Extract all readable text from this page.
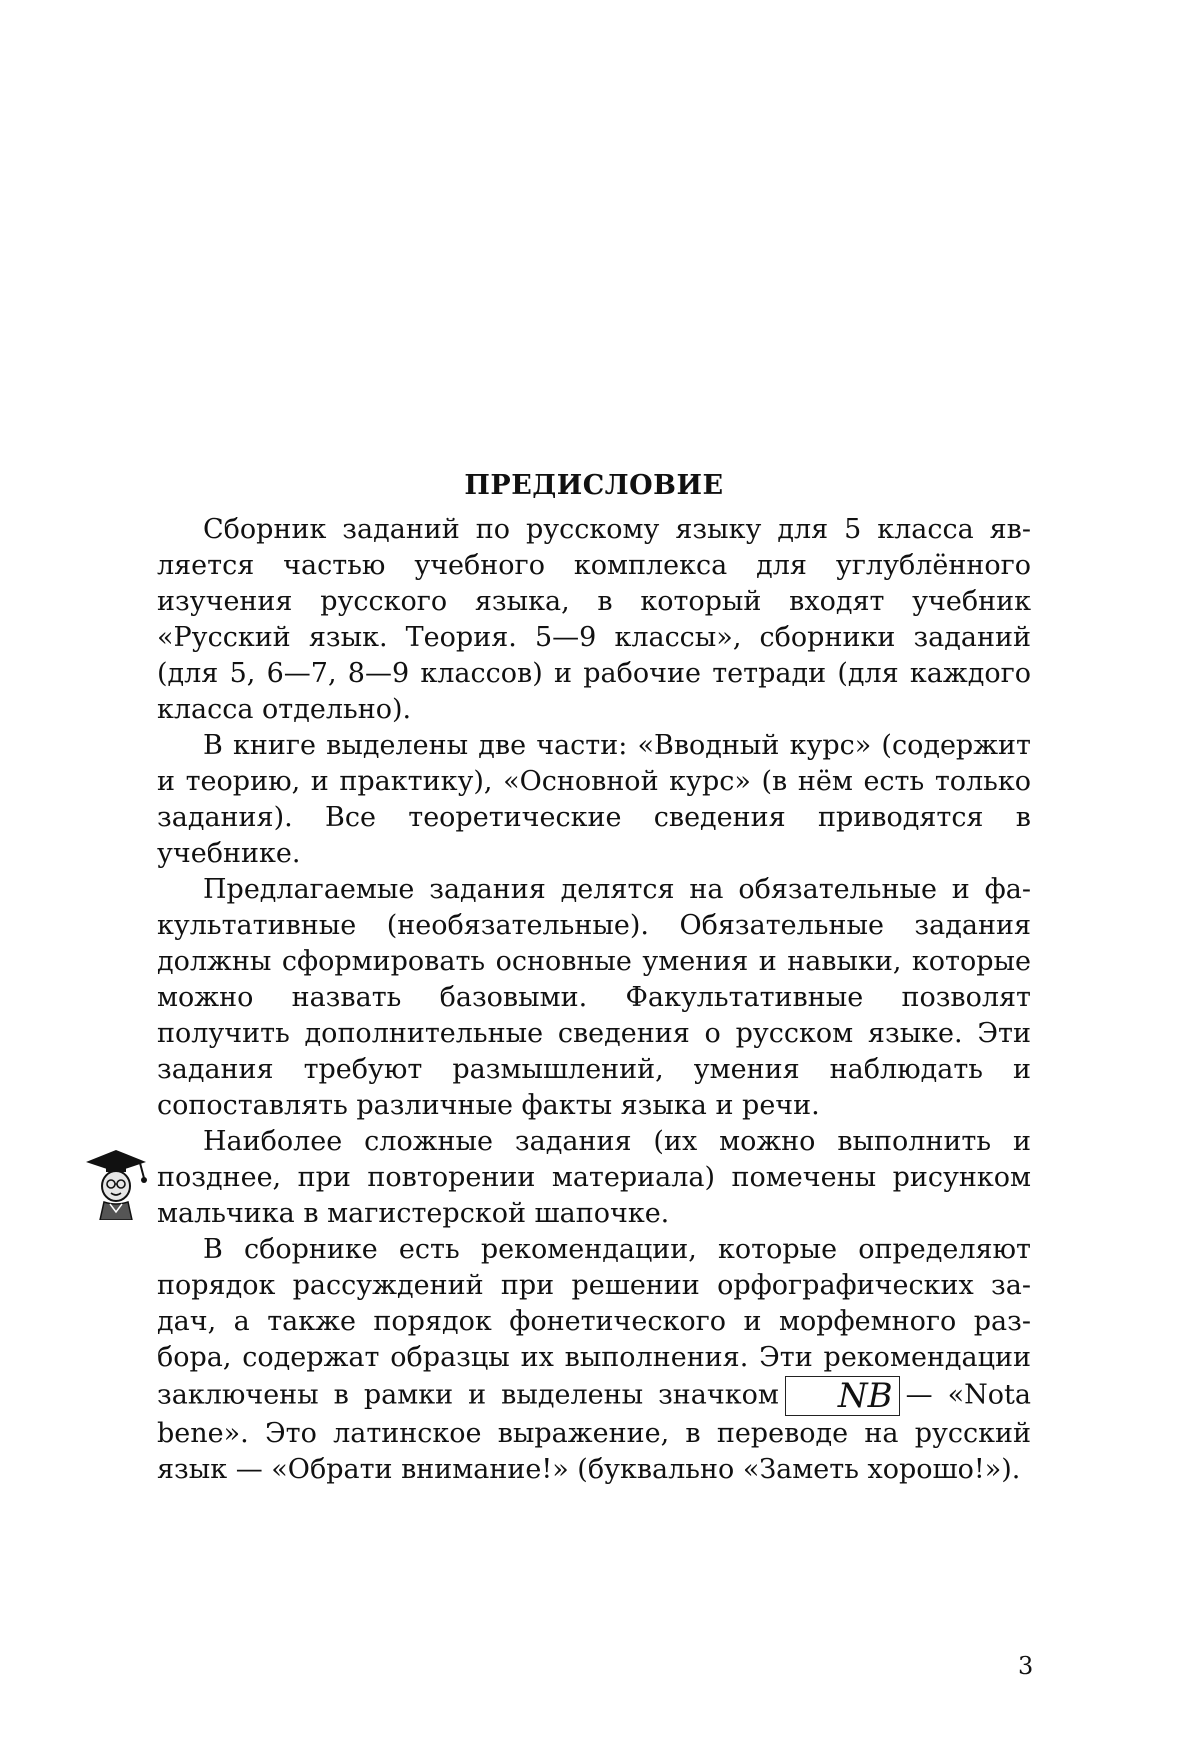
ПРЕДИСЛОВИЕ

Сборник заданий по русскому языку для 5 класса является частью учебного комплекса для углублённого изучения русского языка, в который входят учебник «Русский язык. Теория. 5—9 классы», сборники заданий (для 5, 6—7, 8—9 классов) и рабочие тетради (для каждого класса отдельно).

В книге выделены две части: «Вводный курс» (содержит и теорию, и практику), «Основной курс» (в нём есть только задания). Все теоретические сведения приводятся в учебнике.

Предлагаемые задания делятся на обязательные и факультативные (необязательные). Обязательные задания должны сформировать основные умения и навыки, которые можно назвать базовыми. Факультативные позволят получить дополнительные сведения о русском языке. Эти задания требуют размышлений, умения наблюдать и сопоставлять различные факты языка и речи.

Наиболее сложные задания (их можно выполнить и позднее, при повторении материала) помечены рисунком мальчика в магистерской шапочке.

В сборнике есть рекомендации, которые определяют порядок рассуждений при решении орфографических задач, а также порядок фонетического и морфемного разбора, содержат образцы их выполнения. Эти рекомендации заключены в рамки и выделены значком NB — «Nota bene». Это латинское выражение, в переводе на русский язык — «Обрати внимание!» (буквально «Заметь хорошо!»).

3
